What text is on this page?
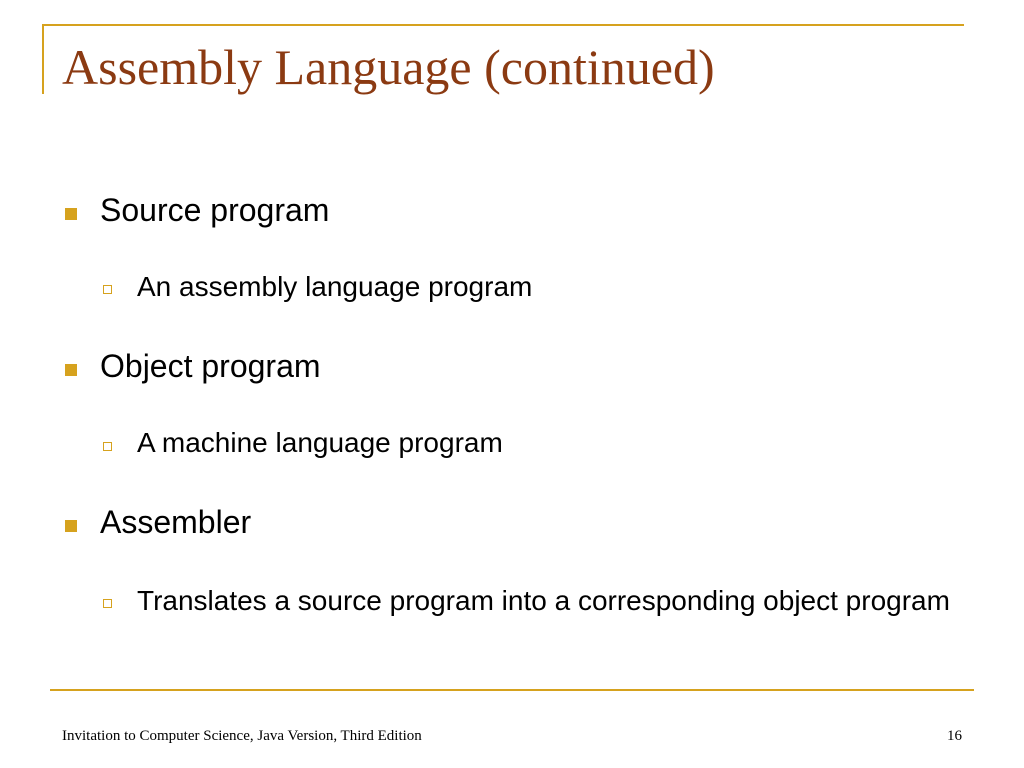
Assembly Language (continued)
Source program
An assembly language program
Object program
A machine language program
Assembler
Translates a source program into a corresponding object program
Invitation to Computer Science, Java Version, Third Edition	16
